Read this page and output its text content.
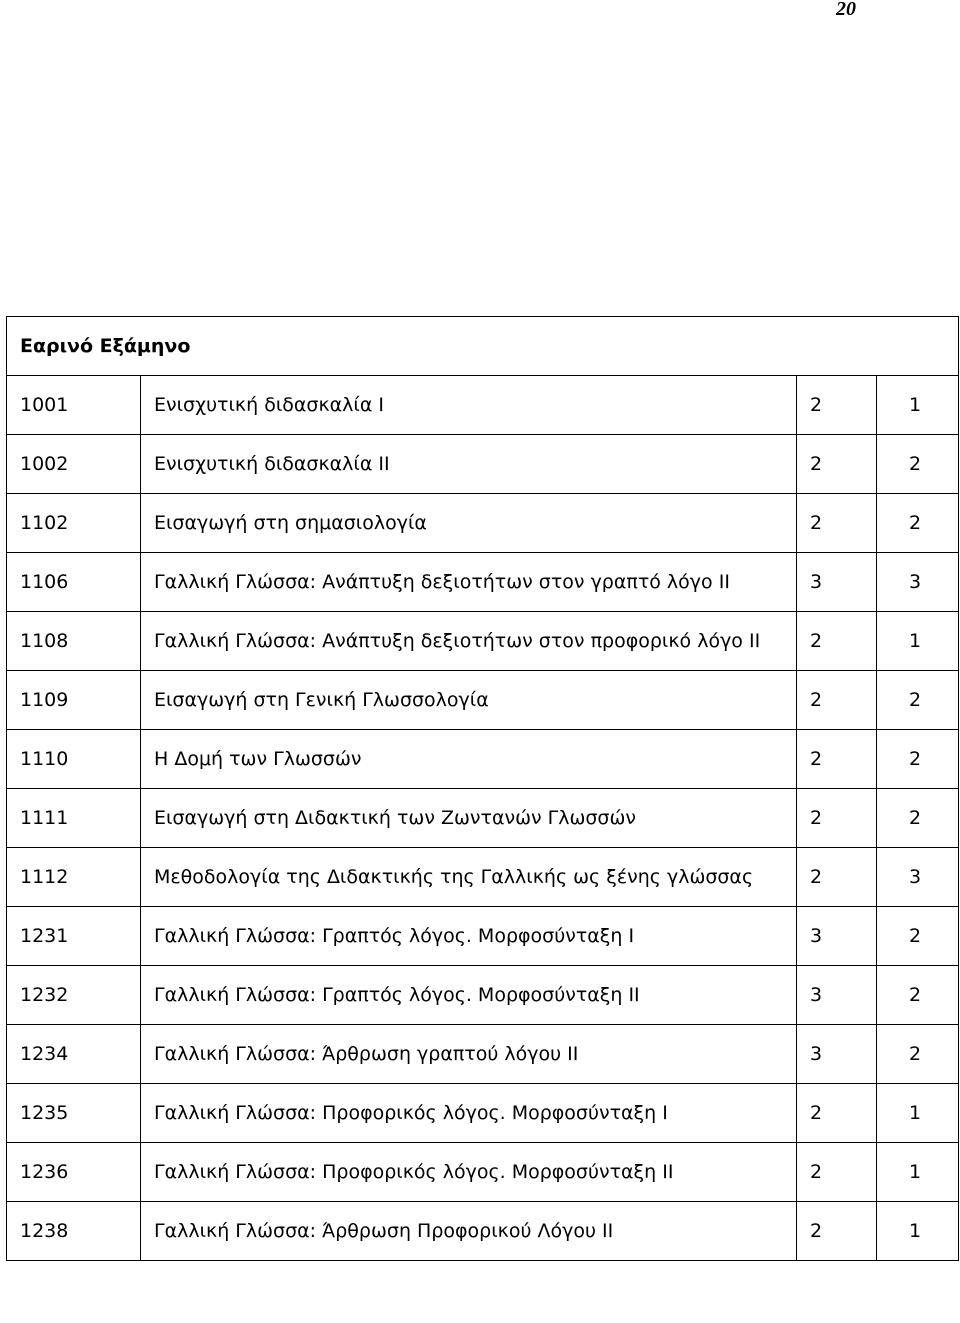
20
Εαρινό Εξάμηνο			
1001	Ενισχυτική διδασκαλία Ι	2	1
1002	Ενισχυτική διδασκαλία ΙΙ	2	2
1102	Εισαγωγή στη σημασιολογία	2	2
1106	Γαλλική Γλώσσα: Ανάπτυξη δεξιοτήτων στον γραπτό λόγο ΙΙ	3	3
1108	Γαλλική Γλώσσα: Ανάπτυξη δεξιοτήτων στον προφορικό λόγο ΙΙ	2	1
1109	Εισαγωγή στη Γενική Γλωσσολογία	2	2
1110	Η Δομή των Γλωσσών	2	2
1111	Εισαγωγή στη Διδακτική των Ζωντανών Γλωσσών	2	2
1112	Μεθοδολογία της Διδακτικής της Γαλλικής ως ξένης γλώσσας	2	3
1231	Γαλλική Γλώσσα: Γραπτός λόγος. Μορφοσύνταξη Ι	3	2
1232	Γαλλική Γλώσσα: Γραπτός λόγος. Μορφοσύνταξη ΙΙ	3	2
1234	Γαλλική Γλώσσα: Άρθρωση γραπτού λόγου ΙΙ	3	2
1235	Γαλλική Γλώσσα: Προφορικός λόγος. Μορφοσύνταξη Ι	2	1
1236	Γαλλική Γλώσσα: Προφορικός λόγος. Μορφοσύνταξη ΙΙ	2	1
1238	Γαλλική Γλώσσα: Άρθρωση Προφορικού Λόγου ΙΙ	2	1
